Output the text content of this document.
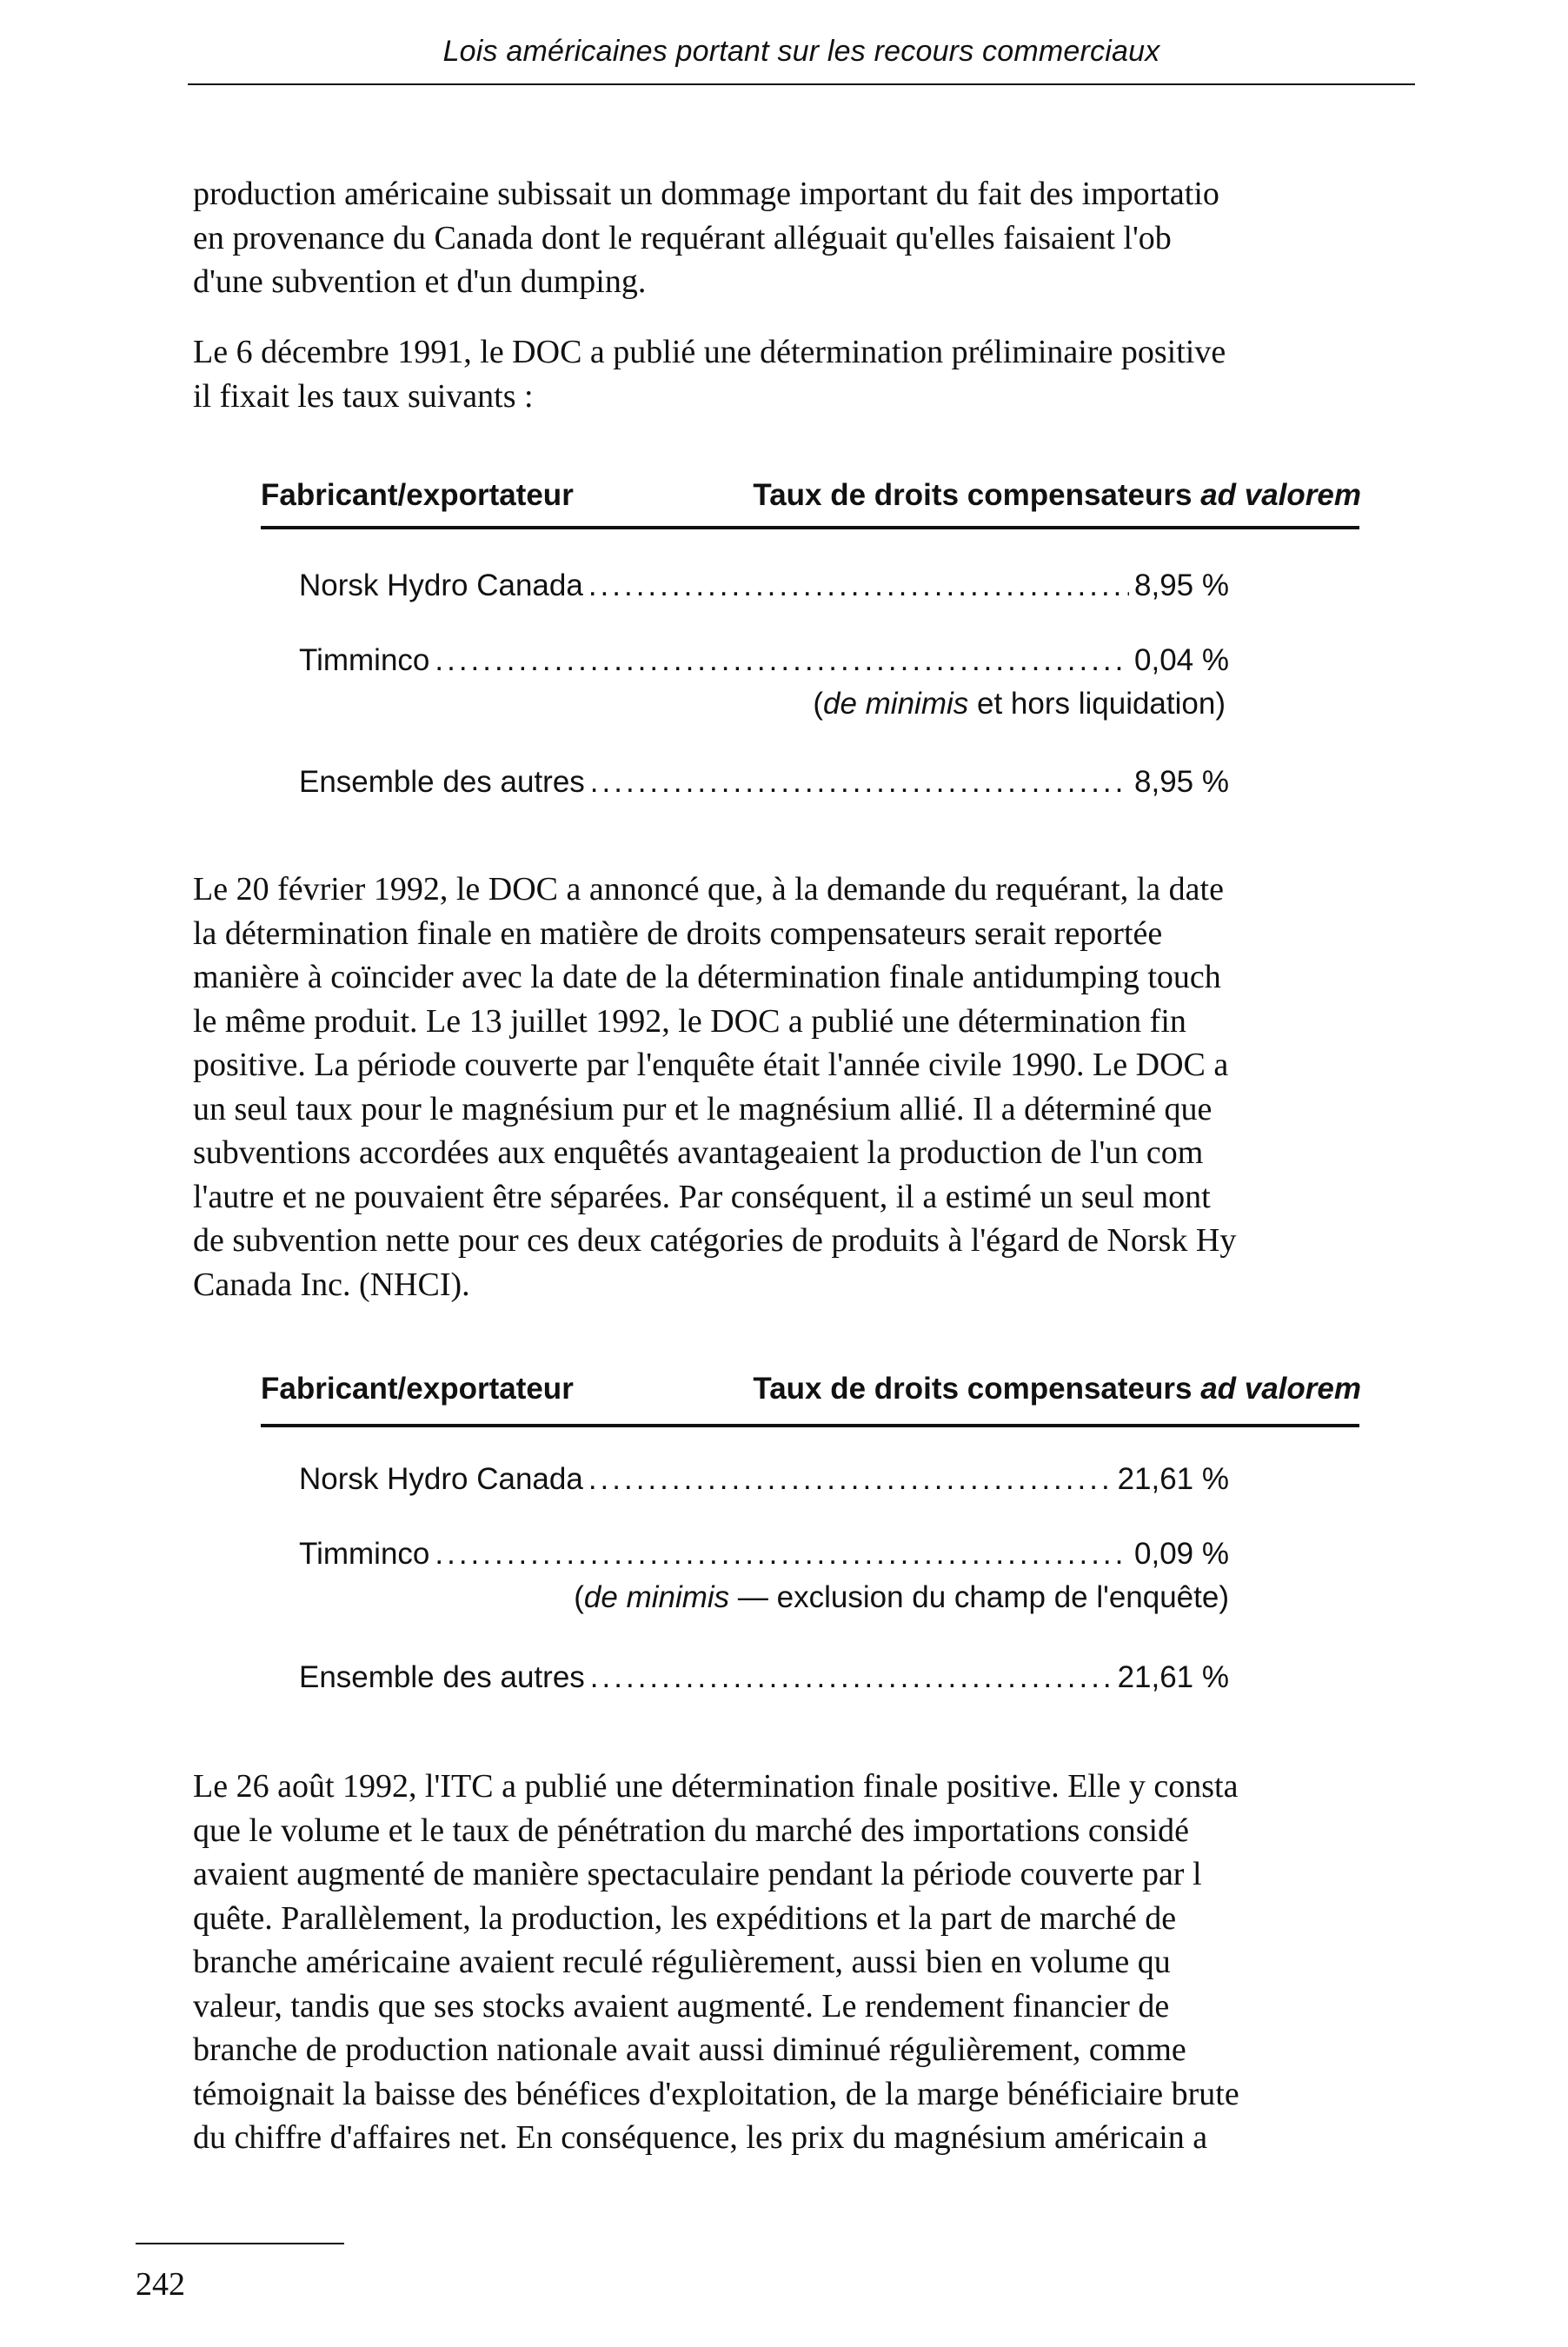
Lois américaines portant sur les recours commerciaux
production américaine subissait un dommage important du fait des importatio
en provenance du Canada dont le requérant alléguait qu'elles faisaient l'ob
d'une subvention et d'un dumping.
Le 6 décembre 1991, le DOC a publié une détermination préliminaire positive
il fixait les taux suivants :
Fabricant/exportateur	Taux de droits compensateurs ad valorem
Norsk Hydro Canada .....	8,95 %
Timminco .....	0,04 %
(de minimis et hors liquidation)
Ensemble des autres .....	8,95 %
Le 20 février 1992, le DOC a annoncé que, à la demande du requérant, la date
la détermination finale en matière de droits compensateurs serait reportée
manière à coïncider avec la date de la détermination finale antidumping touch
le même produit. Le 13 juillet 1992, le DOC a publié une détermination fin
positive. La période couverte par l'enquête était l'année civile 1990. Le DOC a
un seul taux pour le magnésium pur et le magnésium allié. Il a déterminé que
subventions accordées aux enquêtés avantageaient la production de l'un com
l'autre et ne pouvaient être séparées. Par conséquent, il a estimé un seul mont
de subvention nette pour ces deux catégories de produits à l'égard de Norsk Hy
Canada Inc. (NHCI).
Fabricant/exportateur	Taux de droits compensateurs ad valorem
Norsk Hydro Canada .....	21,61 %
Timminco .....	0,09 %
(de minimis — exclusion du champ de l'enquête)
Ensemble des autres .....	21,61 %
Le 26 août 1992, l'ITC a publié une détermination finale positive. Elle y consta
que le volume et le taux de pénétration du marché des importations considé
avaient augmenté de manière spectaculaire pendant la période couverte par l
quête. Parallèlement, la production, les expéditions et la part de marché de
branche américaine avaient reculé régulièrement, aussi bien en volume qu
valeur, tandis que ses stocks avaient augmenté. Le rendement financier de
branche de production nationale avait aussi diminué régulièrement, comme
témoignait la baisse des bénéfices d'exploitation, de la marge bénéficiaire brute
du chiffre d'affaires net. En conséquence, les prix du magnésium américain a
242
